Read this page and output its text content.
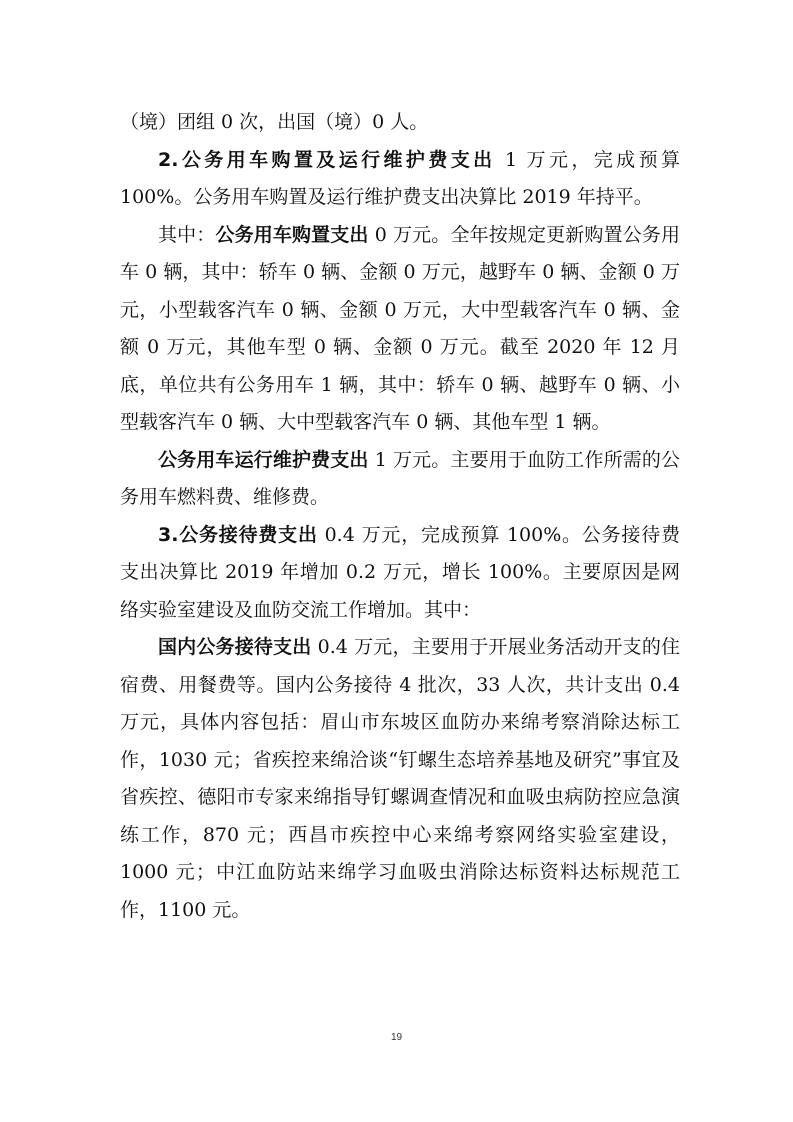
（境）团组 0 次，出国（境）0 人。

2.公务用车购置及运行维护费支出 1 万元，完成预算 100%。公务用车购置及运行维护费支出决算比 2019 年持平。

其中：公务用车购置支出 0 万元。全年按规定更新购置公务用车 0 辆，其中：轿车 0 辆、金额 0 万元，越野车 0 辆、金额 0 万元，小型载客汽车 0 辆、金额 0 万元，大中型载客汽车 0 辆、金额 0 万元，其他车型 0 辆、金额 0 万元。截至 2020 年 12 月底，单位共有公务用车 1 辆，其中：轿车 0 辆、越野车 0 辆、小型载客汽车 0 辆、大中型载客汽车 0 辆、其他车型 1 辆。

公务用车运行维护费支出 1 万元。主要用于血防工作所需的公务用车燃料费、维修费。

3.公务接待费支出 0.4 万元，完成预算 100%。公务接待费支出决算比 2019 年增加 0.2 万元，增长 100%。主要原因是网络实验室建设及血防交流工作增加。其中：

国内公务接待支出 0.4 万元，主要用于开展业务活动开支的住宿费、用餐费等。国内公务接待 4 批次，33 人次，共计支出 0.4 万元，具体内容包括：眉山市东坡区血防办来绵考察消除达标工作，1030 元；省疾控来绵洽谈“钉螺生态培养基地及研究”事宜及省疾控、德阳市专家来绵指导钉螺调查情况和血吸虫病防控应急演练工作，870 元；西昌市疾控中心来绵考察网络实验室建设，1000 元；中江血防站来绵学习血吸虫消除达标资料达标规范工作，1100 元。

19
